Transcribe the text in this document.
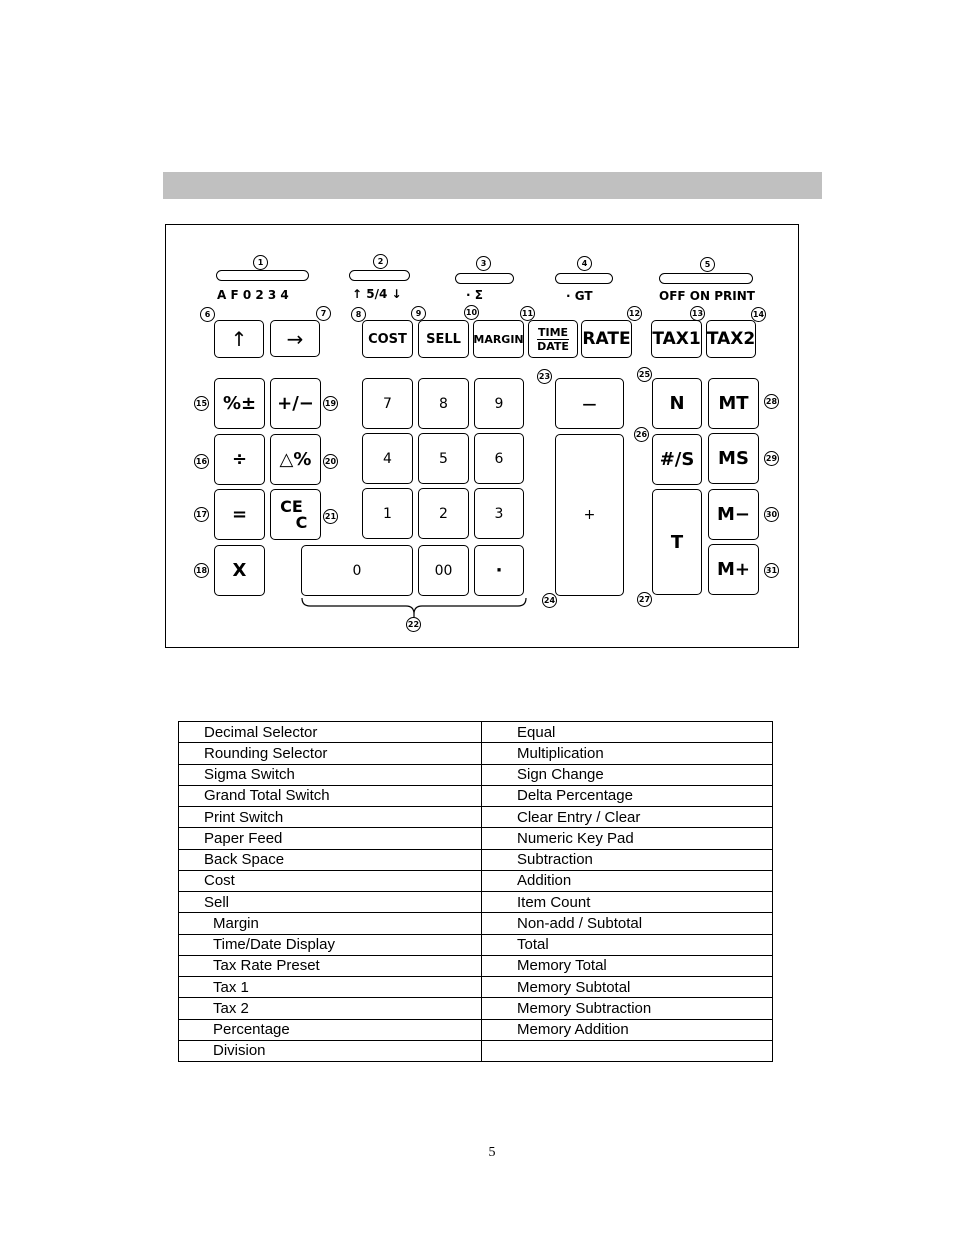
A F 0 2 3 4	↑ 5/4 ↓	· Σ	· GT	OFF ON PRINT
↑	→	COST	SELL	MARGIN
TIME
DATE RATE TAX1 TAX2
%±	+/−
÷	△%
=	CE
C
X
7	8	9
4	5	6
1	2	3
0	00	·
−
+
N
#/S
T
MT
MS
M−
M+
1	2	3	4	5
6	7	8	9	10	11	12	13	14
15
16
17
18
19
20
21
22
23
24
25
26
27
28
29
30
31
Decimal Selector	Equal
Rounding Selector	Multiplication
Sigma Switch	Sign Change
Grand Total Switch	Delta Percentage
Print Switch	Clear Entry / Clear
Paper Feed	Numeric Key Pad
Back Space	Subtraction
Cost	Addition
Sell	Item Count
Margin	Non-add / Subtotal
Time/Date Display	Total
Tax Rate Preset	Memory Total
Tax 1	Memory Subtotal
Tax 2	Memory Subtraction
Percentage	Memory Addition
Division	
5
